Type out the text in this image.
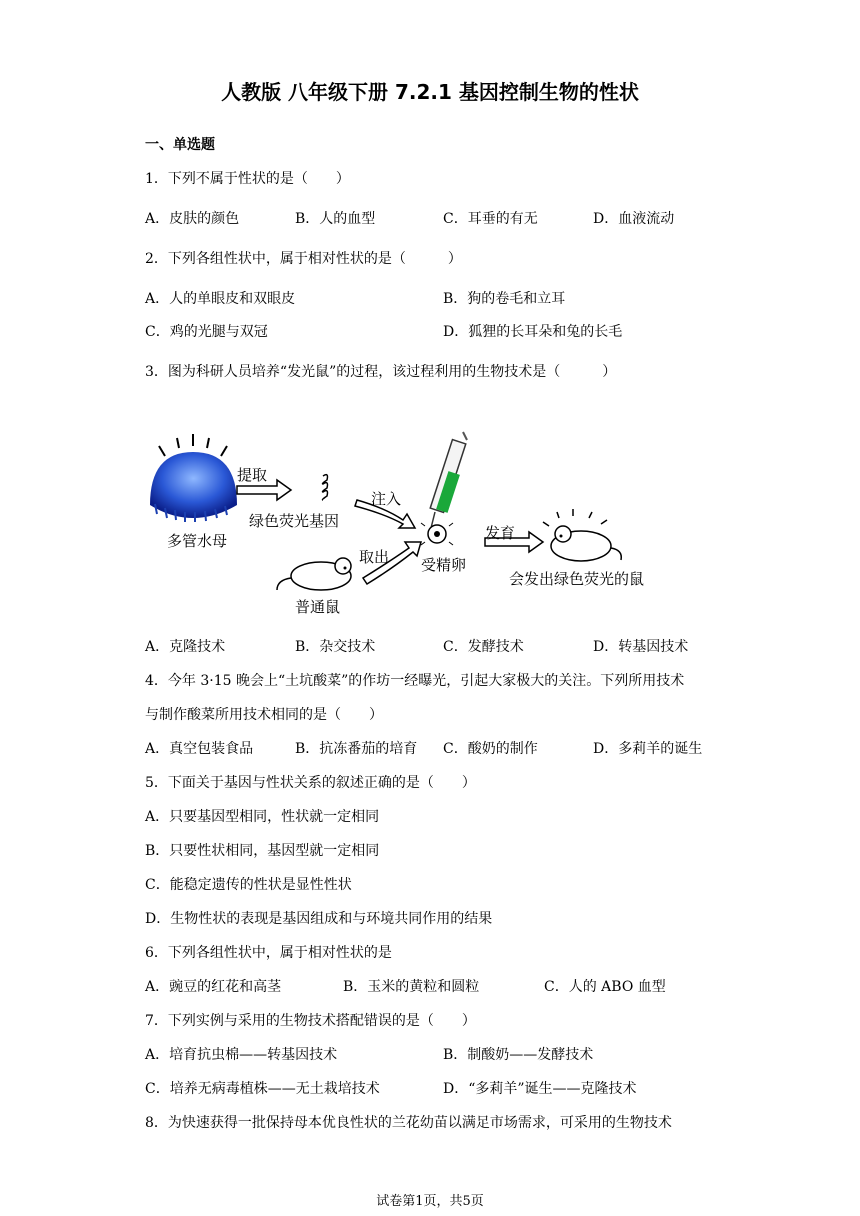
人教版 八年级下册 7.2.1 基因控制生物的性状
一、单选题
1．下列不属于性状的是（　　）
A．皮肤的颜色	B．人的血型	C．耳垂的有无	D．血液流动
2．下列各组性状中，属于相对性状的是（　　　）
A．人的单眼皮和双眼皮	B．狗的卷毛和立耳
C．鸡的光腿与双冠	D．狐狸的长耳朵和兔的长毛
3．图为科研人员培养“发光鼠”的过程，该过程利用的生物技术是（　　　）
多管水母
提取
绿色荧光基因
注入
取出
普通鼠
受精卵
发育
会发出绿色荧光的鼠
A．克隆技术	B．杂交技术	C．发酵技术	D．转基因技术
4．今年 3·15 晚会上“土坑酸菜”的作坊一经曝光，引起大家极大的关注。下列所用技术
与制作酸菜所用技术相同的是（　　）
A．真空包装食品	B．抗冻番茄的培育 C．酸奶的制作	D．多莉羊的诞生
5．下面关于基因与性状关系的叙述正确的是（　　）
A．只要基因型相同，性状就一定相同
B．只要性状相同，基因型就一定相同
C．能稳定遗传的性状是显性性状
D．生物性状的表现是基因组成和与环境共同作用的结果
6．下列各组性状中，属于相对性状的是
A．豌豆的红花和高茎	B．玉米的黄粒和圆粒	C．人的 ABO 血型
7．下列实例与采用的生物技术搭配错误的是（　　）
A．培育抗虫棉——转基因技术	B．制酸奶——发酵技术
C．培养无病毒植株——无土栽培技术	D．“多莉羊”诞生——克隆技术
8．为快速获得一批保持母本优良性状的兰花幼苗以满足市场需求，可采用的生物技术
试卷第1页，共5页
